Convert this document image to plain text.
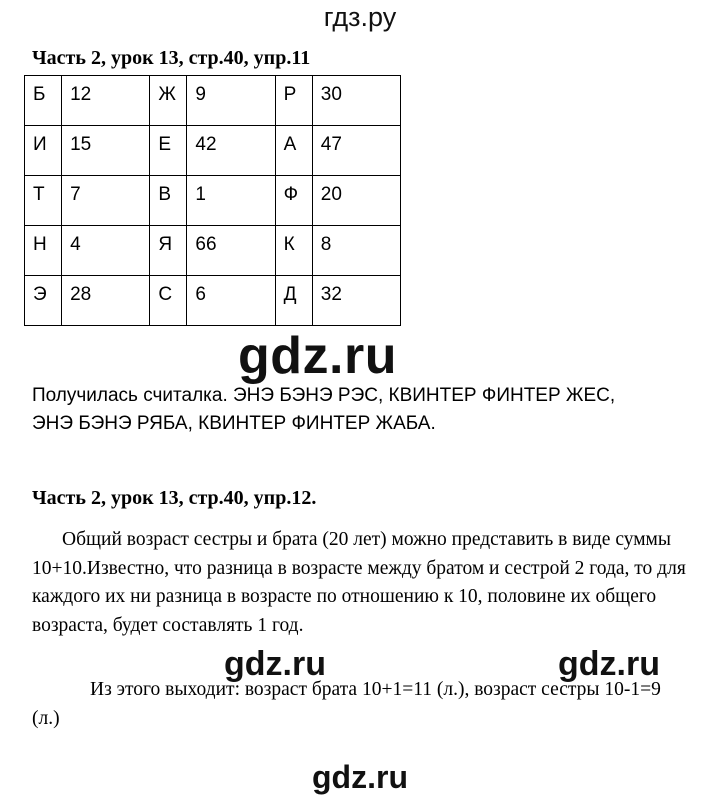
гдз.ру
Часть 2, урок 13, стр.40, упр.11
Б	12	Ж	9	Р	30
И	15	Е	42	А	47
Т	7	В	1	Ф	20
Н	4	Я	66	К	8
Э	28	С	6	Д	32
gdz.ru
Получилась считалка. ЭНЭ БЭНЭ РЭС, КВИНТЕР ФИНТЕР ЖЕС,
ЭНЭ БЭНЭ РЯБА, КВИНТЕР ФИНТЕР ЖАБА.
Часть 2, урок 13, стр.40, упр.12.
Общий возраст сестры и брата (20 лет) можно представить в виде суммы 10+10.Известно, что разница в возрасте между братом и сестрой 2 года, то для каждого их ни разница в возрасте по отношению к 10, половине их общего возраста, будет составлять 1 год.
gdz.ru	gdz.ru
Из этого выходит: возраст брата 10+1=11 (л.), возраст сестры 10-1=9 (л.)
gdz.ru
